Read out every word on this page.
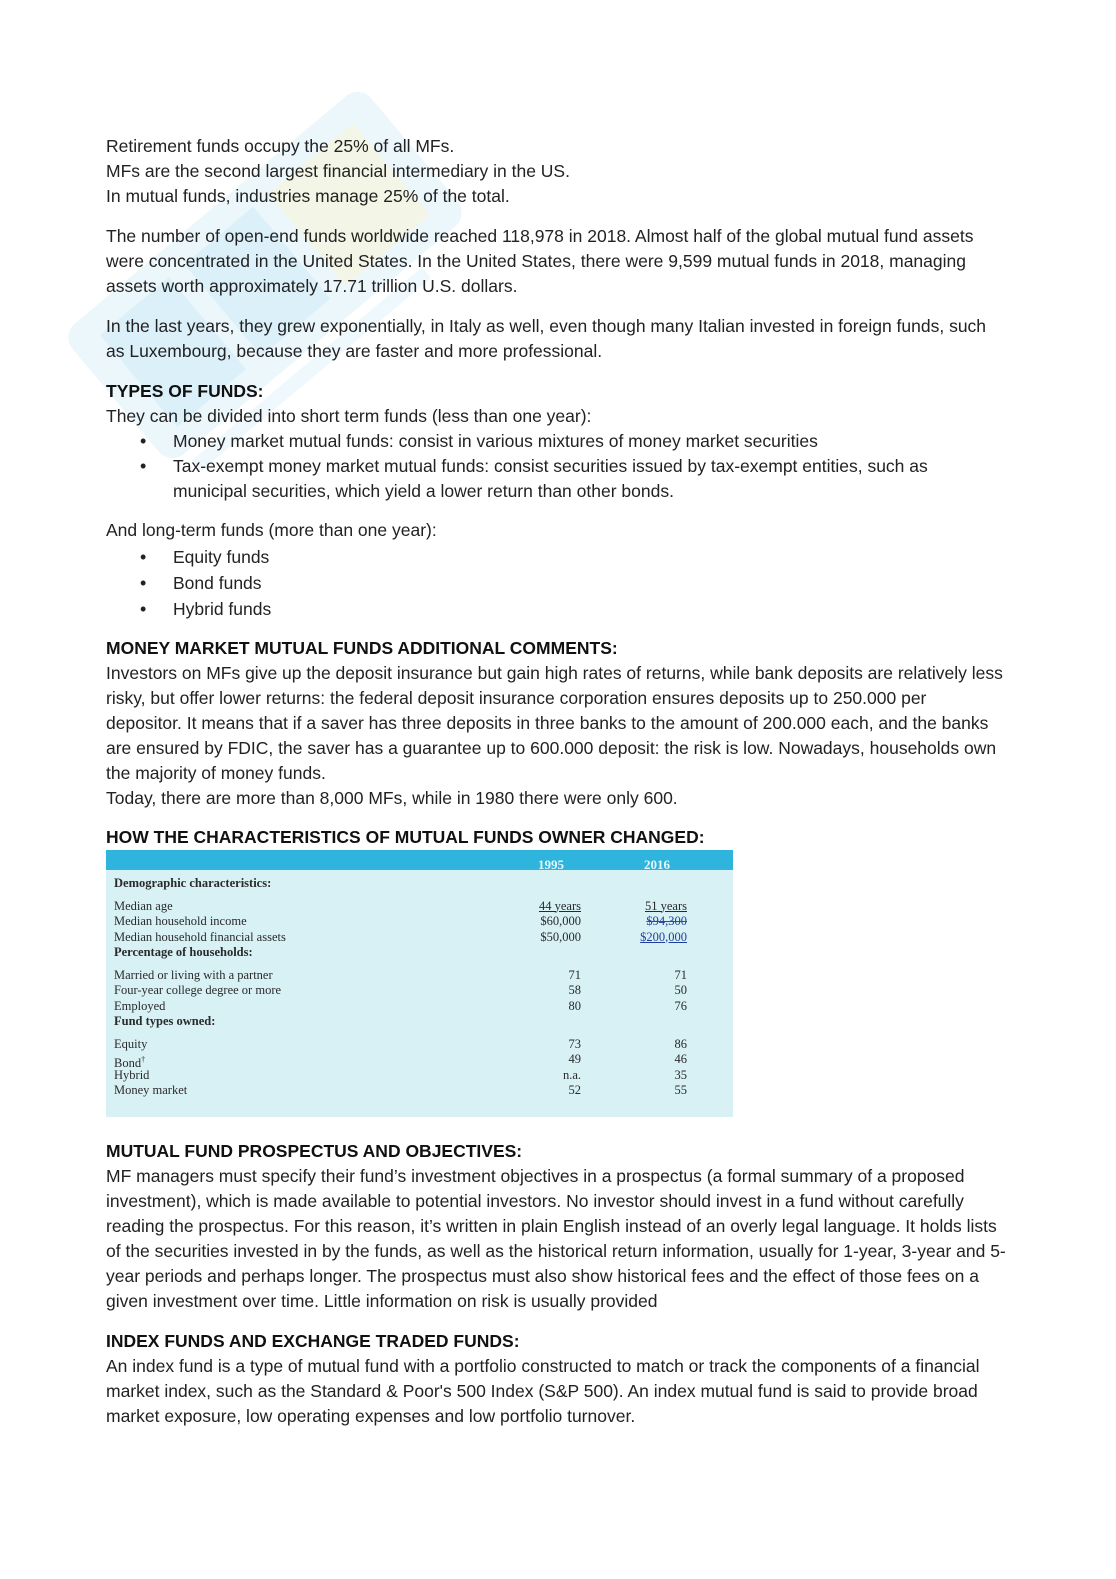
Retirement funds occupy the 25% of all MFs.
MFs are the second largest financial intermediary in the US.
In mutual funds, industries manage 25% of the total.

The number of open-end funds worldwide reached 118,978 in 2018. Almost half of the global mutual fund assets were concentrated in the United States. In the United States, there were 9,599 mutual funds in 2018, managing assets worth approximately 17.71 trillion U.S. dollars.

In the last years, they grew exponentially, in Italy as well, even though many Italian invested in foreign funds, such as Luxembourg, because they are faster and more professional.

TYPES OF FUNDS:
They can be divided into short term funds (less than one year):
• Money market mutual funds: consist in various mixtures of money market securities
• Tax-exempt money market mutual funds: consist securities issued by tax-exempt entities, such as municipal securities, which yield a lower return than other bonds.
And long-term funds (more than one year):
• Equity funds
• Bond funds
• Hybrid funds
MONEY MARKET MUTUAL FUNDS ADDITIONAL COMMENTS:
Investors on MFs give up the deposit insurance but gain high rates of returns, while bank deposits are relatively less risky, but offer lower returns: the federal deposit insurance corporation ensures deposits up to 250.000 per depositor. It means that if a saver has three deposits in three banks to the amount of 200.000 each, and the banks are ensured by FDIC, the saver has a guarantee up to 600.000 deposit: the risk is low. Nowadays, households own the majority of money funds.
Today, there are more than 8,000 MFs, while in 1980 there were only 600.
HOW THE CHARACTERISTICS OF MUTUAL FUNDS OWNER CHANGED:
1995	2016
Demographic characteristics:
Median age	44 years	51 years
Median household income	$60,000	$94,300
Median household financial assets	$50,000	$200,000
Percentage of households:
Married or living with a partner	71	71
Four-year college degree or more	58	50
Employed	80	76
Fund types owned:
Equity	73	86
Bond†	49	46
Hybrid	n.a.	35
Money market	52	55
MUTUAL FUND PROSPECTUS AND OBJECTIVES:
MF managers must specify their fund’s investment objectives in a prospectus (a formal summary of a proposed investment), which is made available to potential investors. No investor should invest in a fund without carefully reading the prospectus. For this reason, it’s written in plain English instead of an overly legal language. It holds lists of the securities invested in by the funds, as well as the historical return information, usually for 1-year, 3-year and 5-year periods and perhaps longer. The prospectus must also show historical fees and the effect of those fees on a given investment over time. Little information on risk is usually provided
INDEX FUNDS AND EXCHANGE TRADED FUNDS:
An index fund is a type of mutual fund with a portfolio constructed to match or track the components of a financial market index, such as the Standard & Poor's 500 Index (S&P 500). An index mutual fund is said to provide broad market exposure, low operating expenses and low portfolio turnover.
